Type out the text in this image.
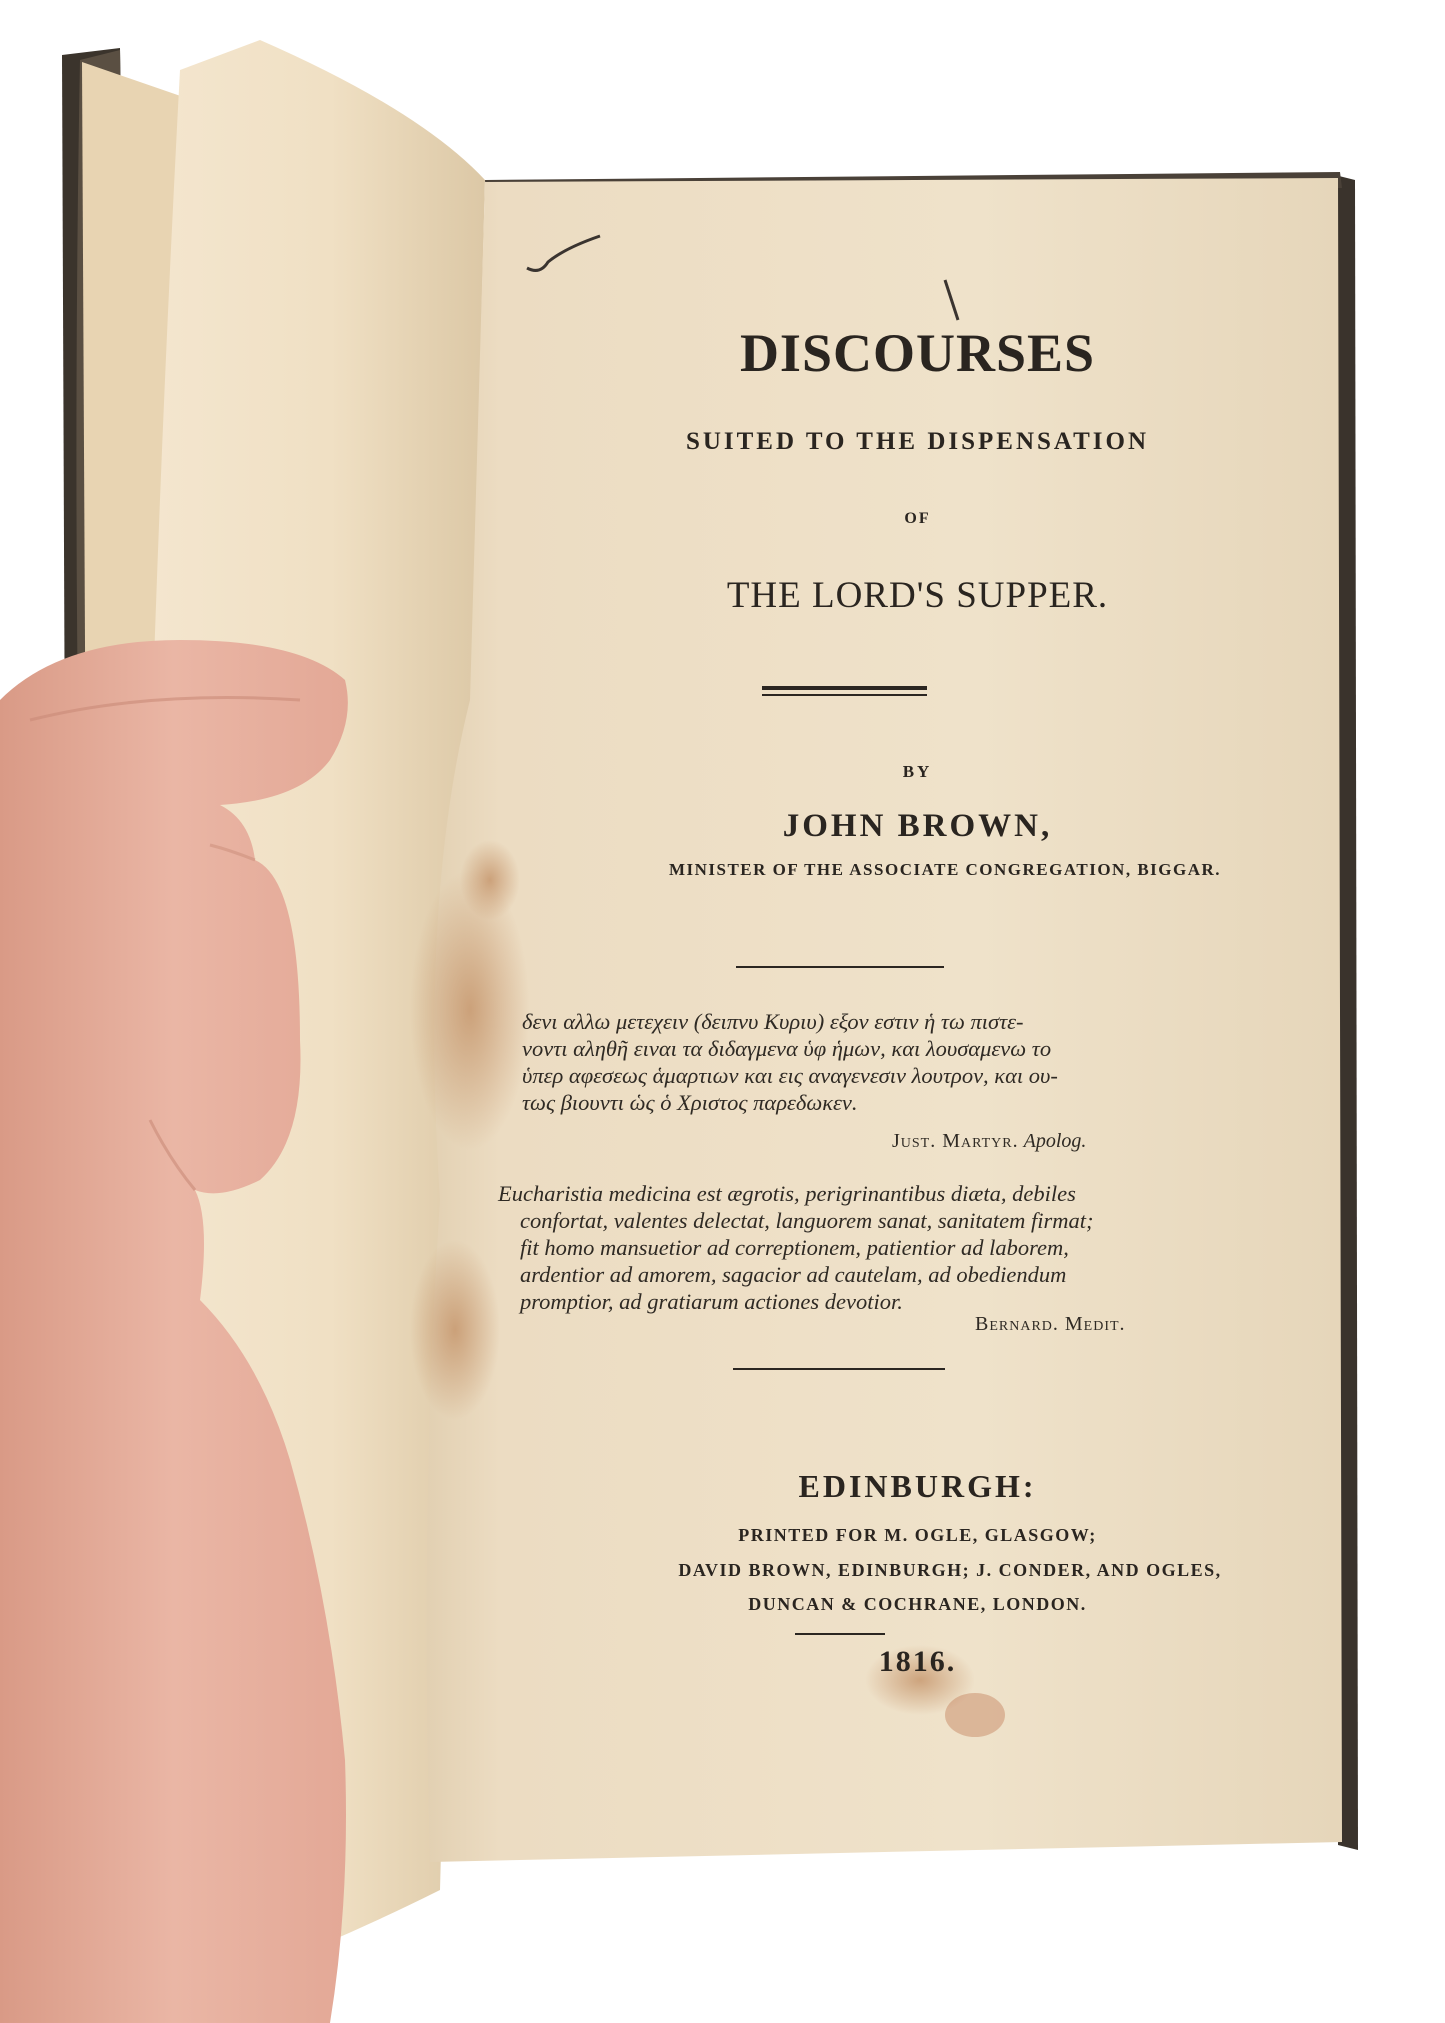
DISCOURSES

SUITED TO THE DISPENSATION

OF

THE LORD'S SUPPER.

BY

JOHN BROWN,

MINISTER OF THE ASSOCIATE CONGREGATION, BIGGAR.

δενι αλλω μετεχειν (δειπνυ Κυριυ) εξον εστιν ἡ τω πιστε-
νοντι αληθῆ ειναι τα διδαγμενα ὑφ ἡμων, και λουσαμενω το
ὑπερ αφεσεως ἁμαρτιων και εις αναγενεσιν λουτρον, και ου-
τως βιουντι ὡς ὁ Χριστος παρεδωκεν.

Just. Martyr. Apolog.

Eucharistia medicina est ægrotis, perigrinantibus diæta, debiles
confortat, valentes delectat, languorem sanat, sanitatem firmat;
fit homo mansuetior ad correptionem, patientior ad laborem,
ardentior ad amorem, sagacior ad cautelam, ad obediendum
promptior, ad gratiarum actiones devotior.

Bernard. Medit.

EDINBURGH:

PRINTED FOR M. OGLE, GLASGOW;

DAVID BROWN, EDINBURGH; J. CONDER, AND OGLES,

DUNCAN & COCHRANE, LONDON.

1816.
